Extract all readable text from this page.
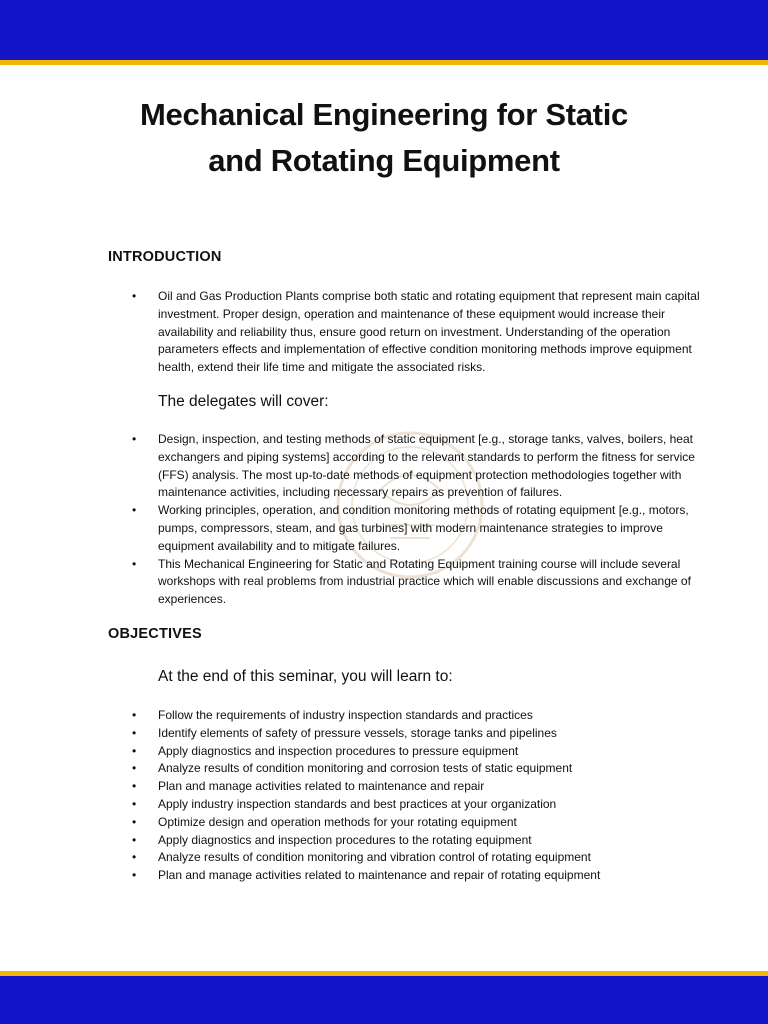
Mechanical Engineering for Static
and Rotating Equipment
INTRODUCTION
• Oil and Gas Production Plants comprise both static and rotating equipment that represent main capital investment. Proper design, operation and maintenance of these equipment would increase their availability and reliability thus, ensure good return on investment. Understanding of the operation parameters effects and implementation of effective condition monitoring methods improve equipment health, extend their life time and mitigate the associated risks.
The delegates will cover:
• Design, inspection, and testing methods of static equipment [e.g., storage tanks, valves, boilers, heat exchangers and piping systems] according to the relevant standards to perform the fitness for service (FFS) analysis. The most up-to-date methods of equipment protection methodologies together with maintenance activities, including necessary repairs as prevention of failures.
• Working principles, operation, and condition monitoring methods of rotating equipment [e.g., motors, pumps, compressors, steam, and gas turbines] with modern maintenance strategies to improve equipment availability and to mitigate failures.
• This Mechanical Engineering for Static and Rotating Equipment training course will include several workshops with real problems from industrial practice which will enable discussions and exchange of experiences.
OBJECTIVES
At the end of this seminar, you will learn to:
• Follow the requirements of industry inspection standards and practices
• Identify elements of safety of pressure vessels, storage tanks and pipelines
• Apply diagnostics and inspection procedures to pressure equipment
• Analyze results of condition monitoring and corrosion tests of static equipment
• Plan and manage activities related to maintenance and repair
• Apply industry inspection standards and best practices at your organization
• Optimize design and operation methods for your rotating equipment
• Apply diagnostics and inspection procedures to the rotating equipment
• Analyze results of condition monitoring and vibration control of rotating equipment
• Plan and manage activities related to maintenance and repair of rotating equipment
